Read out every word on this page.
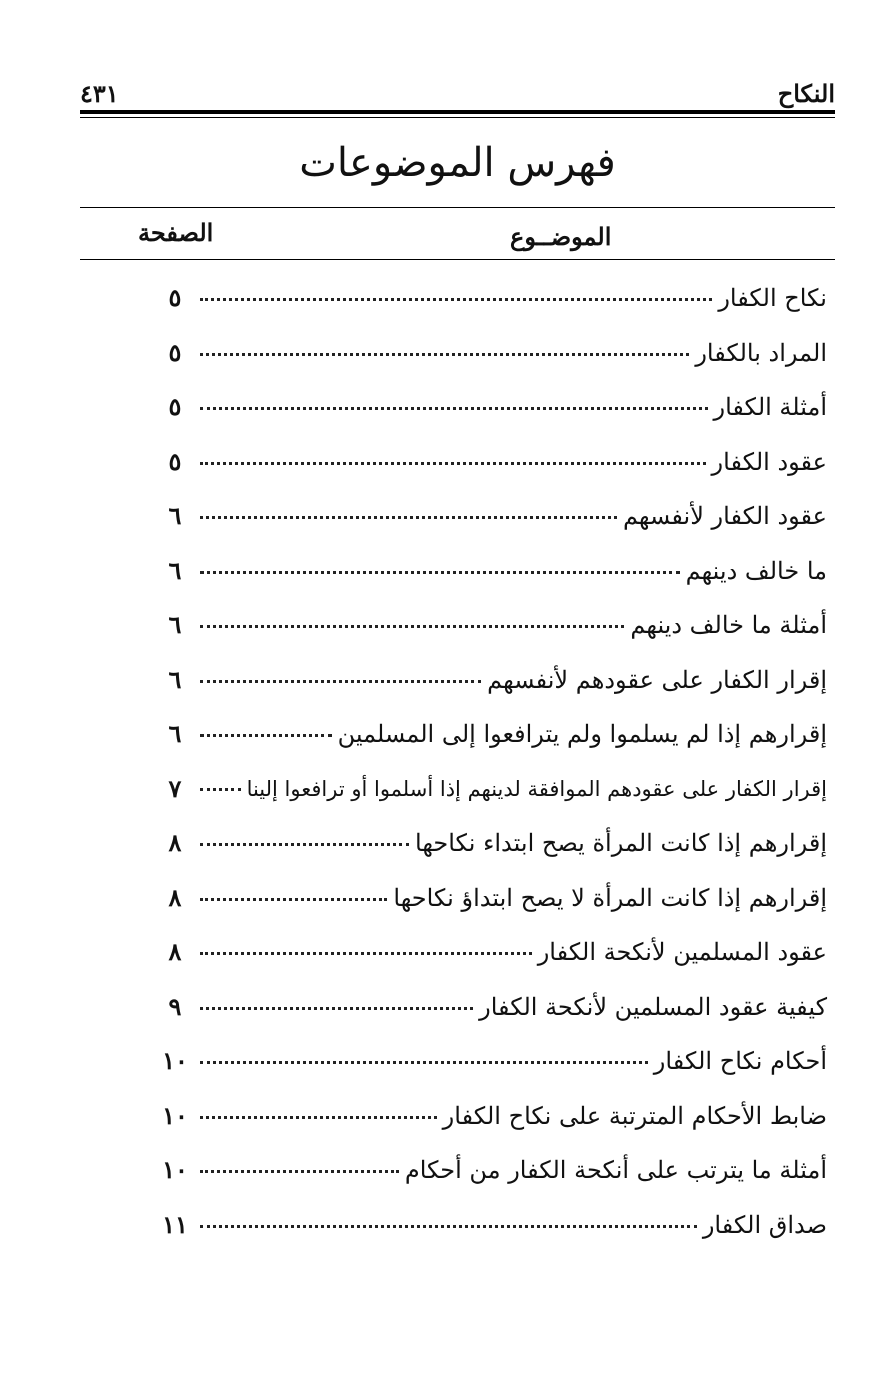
النكاح
٤٣١
فهرس الموضوعات
الموضــوع
الصفحة
نكاح الكفار
٥
المراد بالكفار
٥
أمثلة الكفار
٥
عقود الكفار
٥
عقود الكفار لأنفسهم
٦
ما خالف دينهم
٦
أمثلة ما خالف دينهم
٦
إقرار الكفار على عقودهم لأنفسهم
٦
إقرارهم إذا لم يسلموا ولم يترافعوا إلى المسلمين
٦
إقرار الكفار على عقودهم الموافقة لدينهم إذا أسلموا أو ترافعوا إلينا
٧
إقرارهم إذا كانت المرأة يصح ابتداء نكاحها
٨
إقرارهم إذا كانت المرأة لا يصح ابتداؤ نكاحها
٨
عقود المسلمين لأنكحة الكفار
٨
كيفية عقود المسلمين لأنكحة الكفار
٩
أحكام نكاح الكفار
١٠
ضابط الأحكام المترتبة على نكاح الكفار
١٠
أمثلة ما يترتب على أنكحة الكفار من أحكام
١٠
صداق الكفار
١١
